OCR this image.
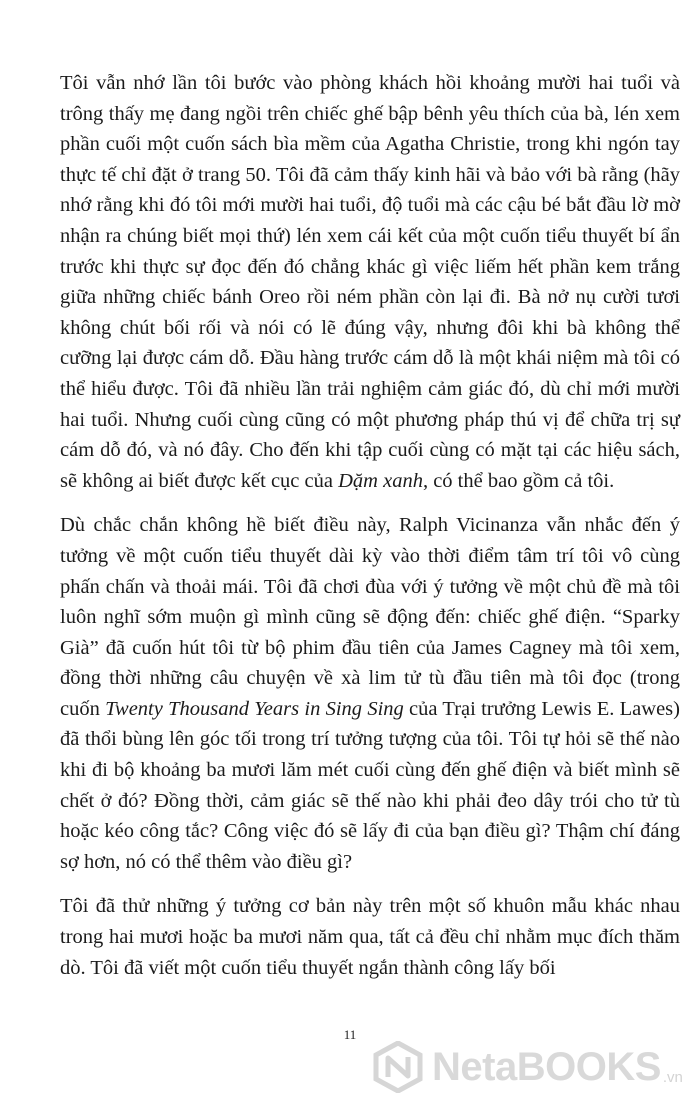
Tôi vẫn nhớ lần tôi bước vào phòng khách hồi khoảng mười hai tuổi và trông thấy mẹ đang ngồi trên chiếc ghế bập bênh yêu thích của bà, lén xem phần cuối một cuốn sách bìa mềm của Agatha Christie, trong khi ngón tay thực tế chỉ đặt ở trang 50. Tôi đã cảm thấy kinh hãi và bảo với bà rằng (hãy nhớ rằng khi đó tôi mới mười hai tuổi, độ tuổi mà các cậu bé bắt đầu lờ mờ nhận ra chúng biết mọi thứ) lén xem cái kết của một cuốn tiểu thuyết bí ẩn trước khi thực sự đọc đến đó chẳng khác gì việc liếm hết phần kem trắng giữa những chiếc bánh Oreo rồi ném phần còn lại đi. Bà nở nụ cười tươi không chút bối rối và nói có lẽ đúng vậy, nhưng đôi khi bà không thể cưỡng lại được cám dỗ. Đầu hàng trước cám dỗ là một khái niệm mà tôi có thể hiểu được. Tôi đã nhiều lần trải nghiệm cảm giác đó, dù chỉ mới mười hai tuổi. Nhưng cuối cùng cũng có một phương pháp thú vị để chữa trị sự cám dỗ đó, và nó đây. Cho đến khi tập cuối cùng có mặt tại các hiệu sách, sẽ không ai biết được kết cục của Dặm xanh, có thể bao gồm cả tôi.

Dù chắc chắn không hề biết điều này, Ralph Vicinanza vẫn nhắc đến ý tưởng về một cuốn tiểu thuyết dài kỳ vào thời điểm tâm trí tôi vô cùng phấn chấn và thoải mái. Tôi đã chơi đùa với ý tưởng về một chủ đề mà tôi luôn nghĩ sớm muộn gì mình cũng sẽ động đến: chiếc ghế điện. “Sparky Già” đã cuốn hút tôi từ bộ phim đầu tiên của James Cagney mà tôi xem, đồng thời những câu chuyện về xà lim tử tù đầu tiên mà tôi đọc (trong cuốn Twenty Thousand Years in Sing Sing của Trại trưởng Lewis E. Lawes) đã thổi bùng lên góc tối trong trí tưởng tượng của tôi. Tôi tự hỏi sẽ thế nào khi đi bộ khoảng ba mươi lăm mét cuối cùng đến ghế điện và biết mình sẽ chết ở đó? Đồng thời, cảm giác sẽ thế nào khi phải đeo dây trói cho tử tù hoặc kéo công tắc? Công việc đó sẽ lấy đi của bạn điều gì? Thậm chí đáng sợ hơn, nó có thể thêm vào điều gì?

Tôi đã thử những ý tưởng cơ bản này trên một số khuôn mẫu khác nhau trong hai mươi hoặc ba mươi năm qua, tất cả đều chỉ nhằm mục đích thăm dò. Tôi đã viết một cuốn tiểu thuyết ngắn thành công lấy bối

11
NetaBOOKS .vn
